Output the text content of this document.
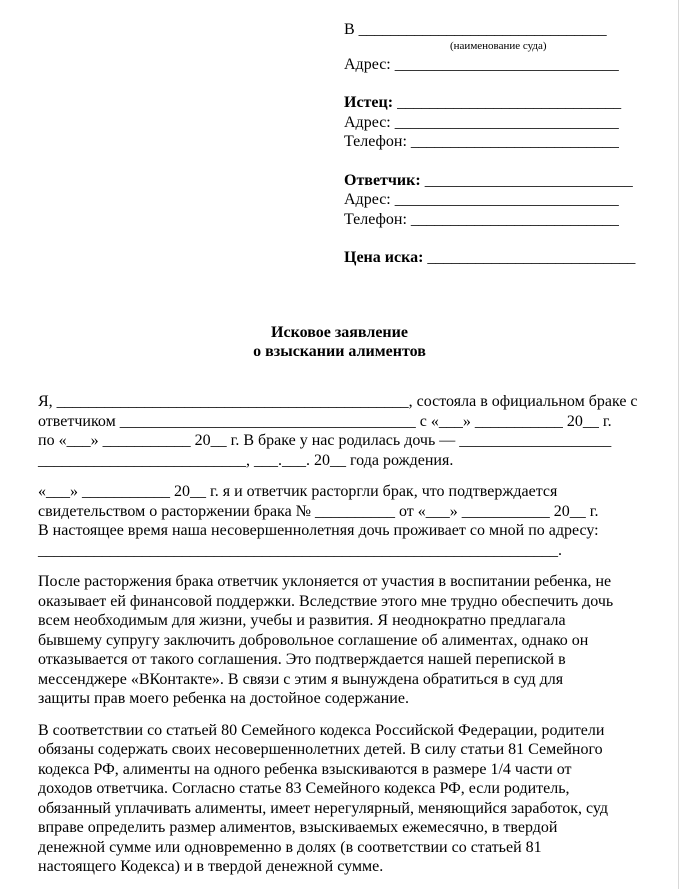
В _______________________________
(наименование суда)
Адрес: ____________________________
Истец: ____________________________
Адрес: ____________________________
Телефон: __________________________
Ответчик: __________________________
Адрес: ____________________________
Телефон: __________________________
Цена иска: __________________________
Исковое заявление
о взыскании алиментов
Я, ____________________________________________, состояла в официальном браке с
ответчиком _____________________________________ с «___» ___________ 20__ г.
по «___» ___________ 20__ г. В браке у нас родилась дочь — ___________________
__________________________, ___.___. 20__ года рождения.
«___» ___________ 20__ г. я и ответчик расторгли брак, что подтверждается
свидетельством о расторжении брака № __________ от «___» ___________ 20__ г.
В настоящее время наша несовершеннолетняя дочь проживает со мной по адресу:
_________________________________________________________________.
После расторжения брака ответчик уклоняется от участия в воспитании ребенка, не
оказывает ей финансовой поддержки. Вследствие этого мне трудно обеспечить дочь
всем необходимым для жизни, учебы и развития. Я неоднократно предлагала
бывшему супругу заключить добровольное соглашение об алиментах, однако он
отказывается от такого соглашения. Это подтверждается нашей перепиской в
мессенджере «ВКонтакте». В связи с этим я вынуждена обратиться в суд для
защиты прав моего ребенка на достойное содержание.
В соответствии со статьей 80 Семейного кодекса Российской Федерации, родители
обязаны содержать своих несовершеннолетних детей. В силу статьи 81 Семейного
кодекса РФ, алименты на одного ребенка взыскиваются в размере 1/4 части от
доходов ответчика. Согласно статье 83 Семейного кодекса РФ, если родитель,
обязанный уплачивать алименты, имеет нерегулярный, меняющийся заработок, суд
вправе определить размер алиментов, взыскиваемых ежемесячно, в твердой
денежной сумме или одновременно в долях (в соответствии со статьей 81
настоящего Кодекса) и в твердой денежной сумме.
